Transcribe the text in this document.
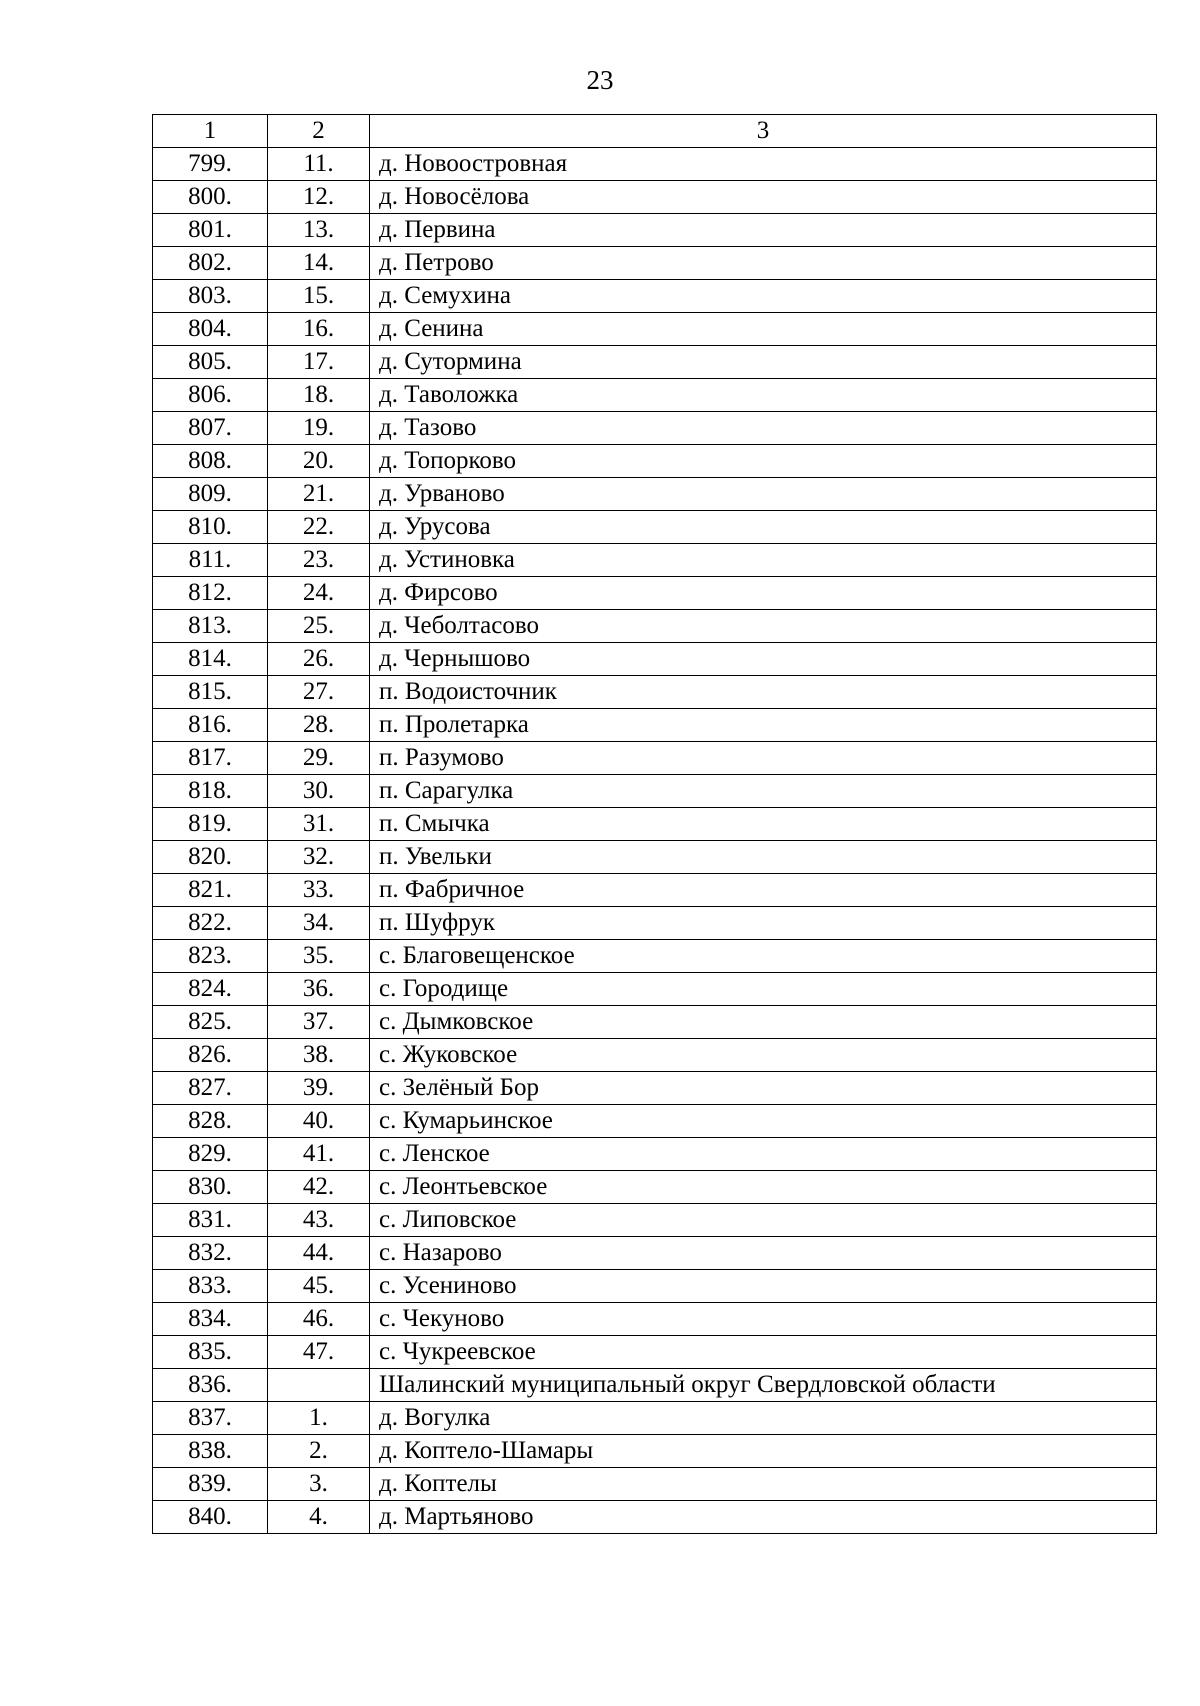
23
1	2	3
799.	11.	д. Новоостровная
800.	12.	д. Новосёлова
801.	13.	д. Первина
802.	14.	д. Петрово
803.	15.	д. Семухина
804.	16.	д. Сенина
805.	17.	д. Сутормина
806.	18.	д. Таволожка
807.	19.	д. Тазово
808.	20.	д. Топорково
809.	21.	д. Урваново
810.	22.	д. Урусова
811.	23.	д. Устиновка
812.	24.	д. Фирсово
813.	25.	д. Чеболтасово
814.	26.	д. Чернышово
815.	27.	п. Водоисточник
816.	28.	п. Пролетарка
817.	29.	п. Разумово
818.	30.	п. Сарагулка
819.	31.	п. Смычка
820.	32.	п. Увельки
821.	33.	п. Фабричное
822.	34.	п. Шуфрук
823.	35.	с. Благовещенское
824.	36.	с. Городище
825.	37.	с. Дымковское
826.	38.	с. Жуковское
827.	39.	с. Зелёный Бор
828.	40.	с. Кумарьинское
829.	41.	с. Ленское
830.	42.	с. Леонтьевское
831.	43.	с. Липовское
832.	44.	с. Назарово
833.	45.	с. Усениново
834.	46.	с. Чекуново
835.	47.	с. Чукреевское
836.		Шалинский муниципальный округ Свердловской области
837.	1.	д. Вогулка
838.	2.	д. Коптело-Шамары
839.	3.	д. Коптелы
840.	4.	д. Мартьяново
